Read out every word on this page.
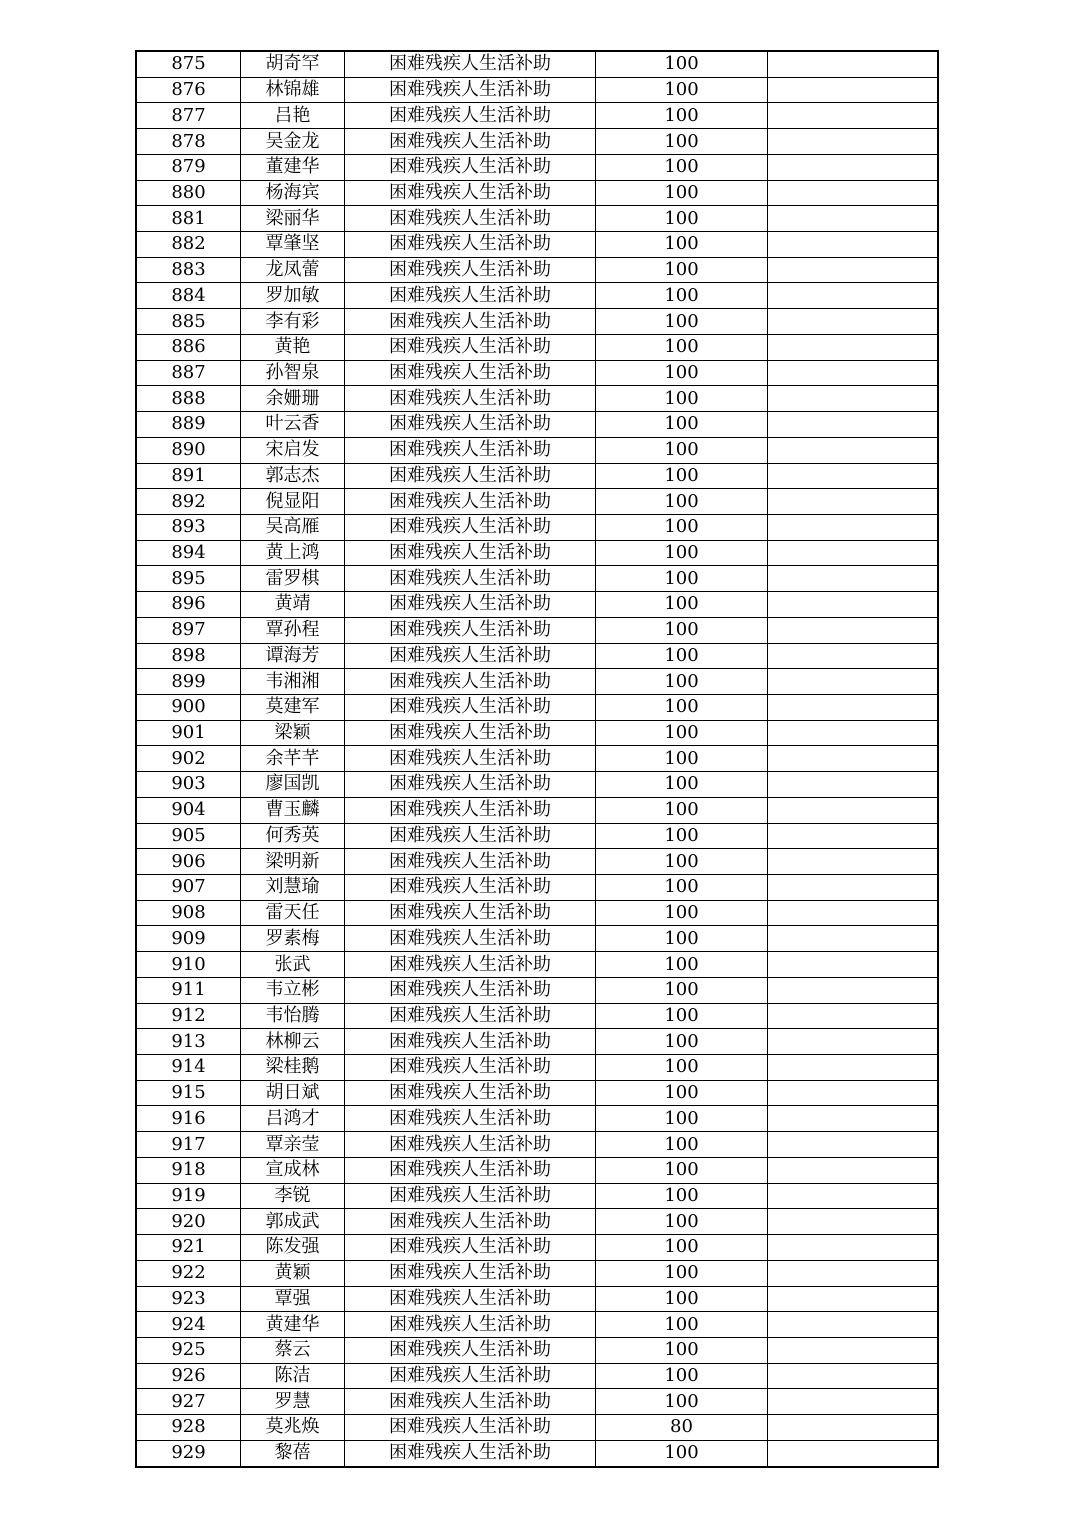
875	胡奇罕	困难残疾人生活补助	100	
876	林锦雄	困难残疾人生活补助	100	
877	吕艳	困难残疾人生活补助	100	
878	吴金龙	困难残疾人生活补助	100	
879	董建华	困难残疾人生活补助	100	
880	杨海宾	困难残疾人生活补助	100	
881	梁丽华	困难残疾人生活补助	100	
882	覃肇坚	困难残疾人生活补助	100	
883	龙凤蕾	困难残疾人生活补助	100	
884	罗加敏	困难残疾人生活补助	100	
885	李有彩	困难残疾人生活补助	100	
886	黄艳	困难残疾人生活补助	100	
887	孙智泉	困难残疾人生活补助	100	
888	余姗珊	困难残疾人生活补助	100	
889	叶云香	困难残疾人生活补助	100	
890	宋启发	困难残疾人生活补助	100	
891	郭志杰	困难残疾人生活补助	100	
892	倪显阳	困难残疾人生活补助	100	
893	吴高雁	困难残疾人生活补助	100	
894	黄上鸿	困难残疾人生活补助	100	
895	雷罗棋	困难残疾人生活补助	100	
896	黄靖	困难残疾人生活补助	100	
897	覃孙程	困难残疾人生活补助	100	
898	谭海芳	困难残疾人生活补助	100	
899	韦湘湘	困难残疾人生活补助	100	
900	莫建军	困难残疾人生活补助	100	
901	梁颖	困难残疾人生活补助	100	
902	余芊芊	困难残疾人生活补助	100	
903	廖国凯	困难残疾人生活补助	100	
904	曹玉麟	困难残疾人生活补助	100	
905	何秀英	困难残疾人生活补助	100	
906	梁明新	困难残疾人生活补助	100	
907	刘慧瑜	困难残疾人生活补助	100	
908	雷天任	困难残疾人生活补助	100	
909	罗素梅	困难残疾人生活补助	100	
910	张武	困难残疾人生活补助	100	
911	韦立彬	困难残疾人生活补助	100	
912	韦怡腾	困难残疾人生活补助	100	
913	林柳云	困难残疾人生活补助	100	
914	梁桂鹅	困难残疾人生活补助	100	
915	胡日斌	困难残疾人生活补助	100	
916	吕鸿才	困难残疾人生活补助	100	
917	覃亲莹	困难残疾人生活补助	100	
918	宣成林	困难残疾人生活补助	100	
919	李锐	困难残疾人生活补助	100	
920	郭成武	困难残疾人生活补助	100	
921	陈发强	困难残疾人生活补助	100	
922	黄颖	困难残疾人生活补助	100	
923	覃强	困难残疾人生活补助	100	
924	黄建华	困难残疾人生活补助	100	
925	蔡云	困难残疾人生活补助	100	
926	陈洁	困难残疾人生活补助	100	
927	罗慧	困难残疾人生活补助	100	
928	莫兆焕	困难残疾人生活补助	80	
929	黎蓓	困难残疾人生活补助	100	
